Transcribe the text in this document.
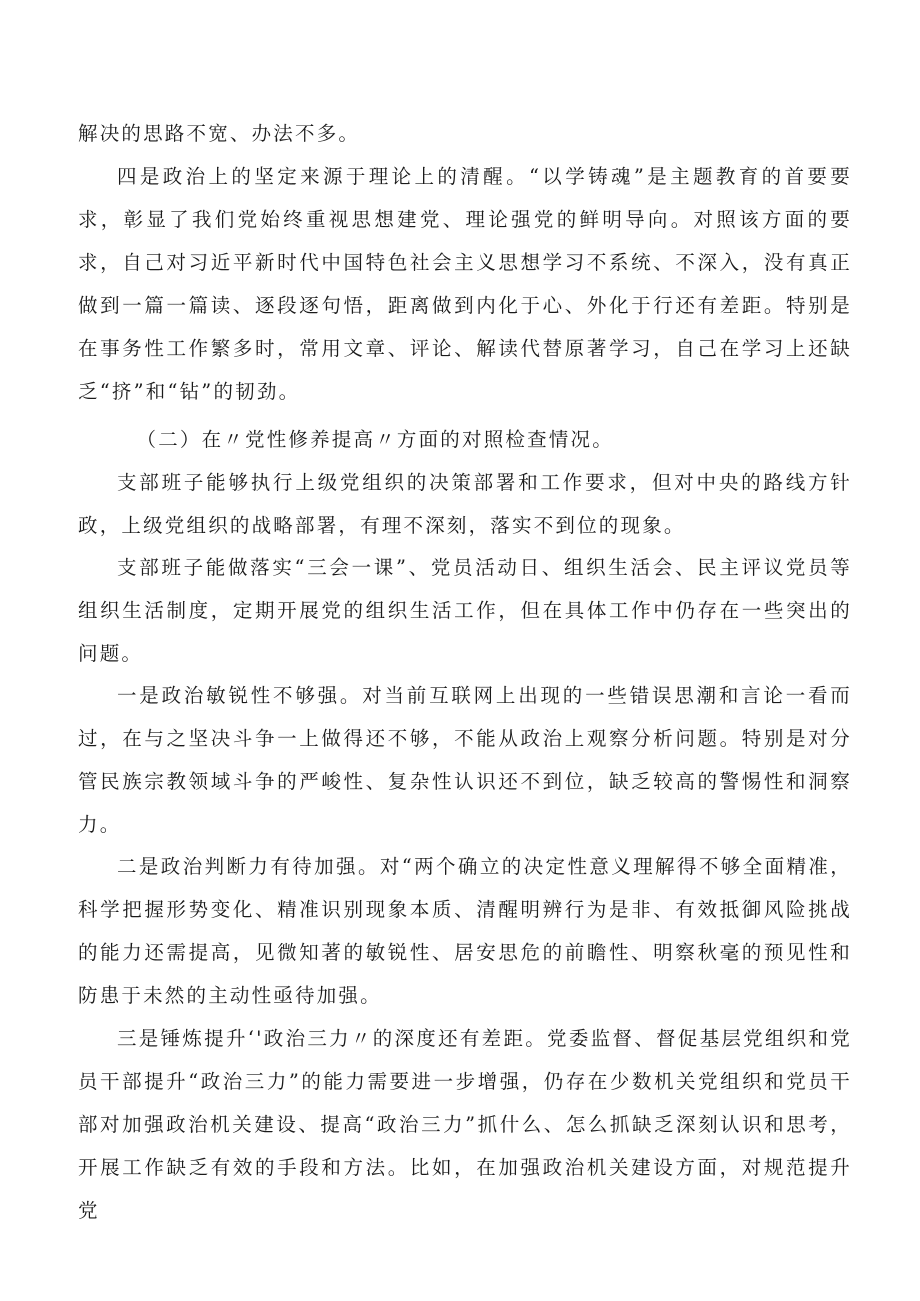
解决的思路不宽、办法不多。

四是政治上的坚定来源于理论上的清醒。“以学铸魂”是主题教育的首要要求，彰显了我们党始终重视思想建党、理论强党的鲜明导向。对照该方面的要求，自己对习近平新时代中国特色社会主义思想学习不系统、不深入，没有真正做到一篇一篇读、逐段逐句悟，距离做到内化于心、外化于行还有差距。特别是在事务性工作繁多时，常用文章、评论、解读代替原著学习，自己在学习上还缺乏“挤”和“钻”的韧劲。

（二）在〃党性修养提高〃方面的对照检查情况。

支部班子能够执行上级党组织的决策部署和工作要求，但对中央的路线方针政，上级党组织的战略部署，有理不深刻，落实不到位的现象。

支部班子能做落实“三会一课”、党员活动日、组织生活会、民主评议党员等组织生活制度，定期开展党的组织生活工作，但在具体工作中仍存在一些突出的问题。

一是政治敏锐性不够强。对当前互联网上出现的一些错误思潮和言论一看而过，在与之坚决斗争一上做得还不够，不能从政治上观察分析问题。特别是对分管民族宗教领域斗争的严峻性、复杂性认识还不到位，缺乏较高的警惕性和洞察力。

二是政治判断力有待加强。对“两个确立的决定性意义理解得不够全面精准，科学把握形势变化、精准识别现象本质、清醒明辨行为是非、有效抵御风险挑战的能力还需提高，见微知著的敏锐性、居安思危的前瞻性、明察秋毫的预见性和防患于未然的主动性亟待加强。

三是锤炼提升‘'政治三力〃的深度还有差距。党委监督、督促基层党组织和党员干部提升“政治三力”的能力需要进一步增强，仍存在少数机关党组织和党员干部对加强政治机关建设、提高“政治三力”抓什么、怎么抓缺乏深刻认识和思考，开展工作缺乏有效的手段和方法。比如，在加强政治机关建设方面，对规范提升党
